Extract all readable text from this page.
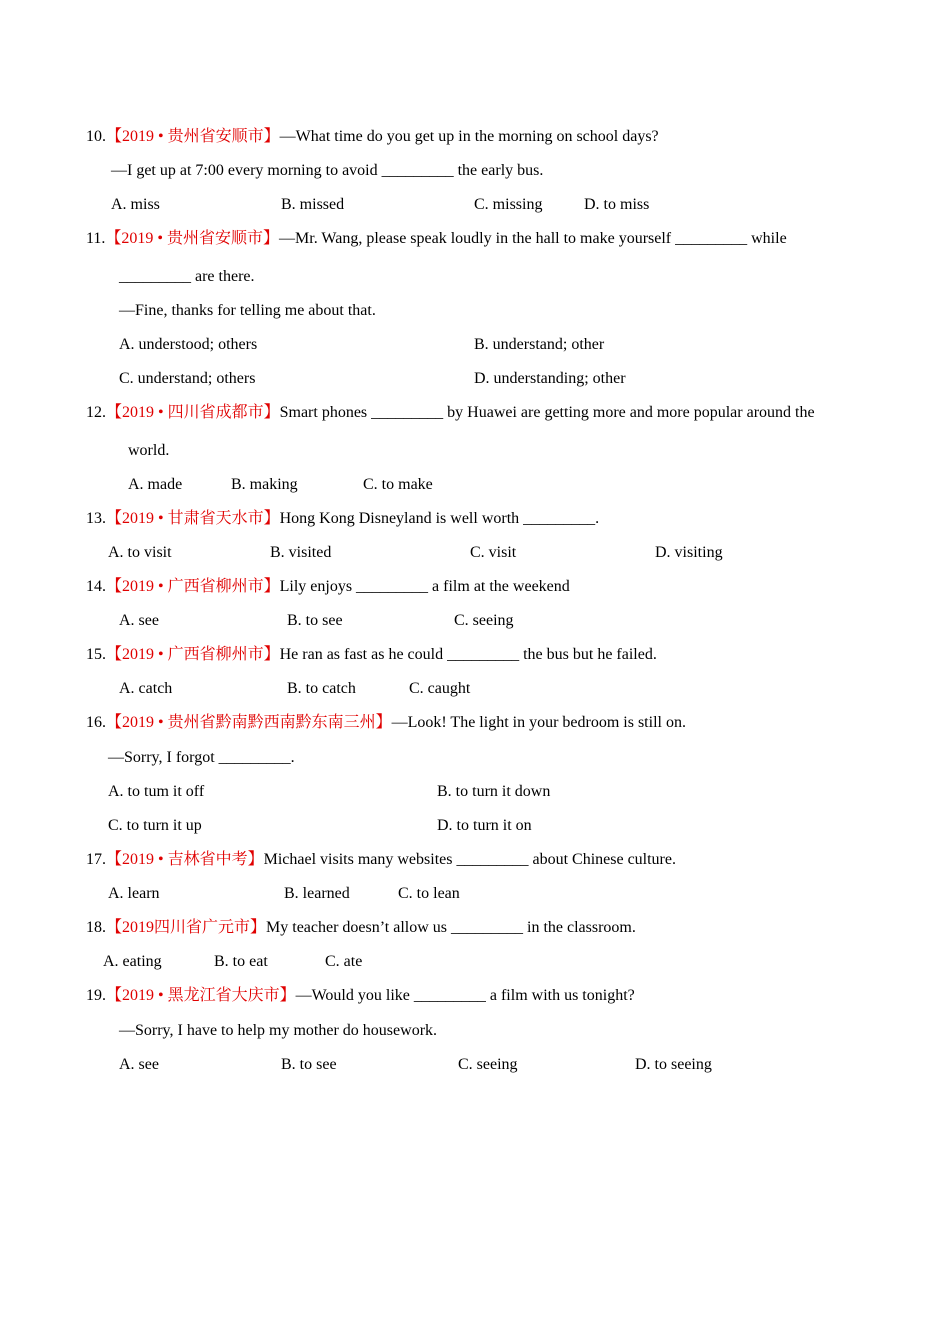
10.【2019 • 贵州省安顺市】—What time do you get up in the morning on school days?
—I get up at 7:00 every morning to avoid _________ the early bus.
A. miss	B. missed	C. missing	D. to miss
11.【2019 • 贵州省安顺市】—Mr. Wang, please speak loudly in the hall to make yourself _________ while
_________ are there.
—Fine, thanks for telling me about that.
A. understood; others	B. understand; other
C. understand; others	D. understanding; other
12.【2019 • 四川省成都市】Smart phones _________ by Huawei are getting more and more popular around the
world.
A. made	B. making	C. to make
13.【2019 • 甘肃省天水市】Hong Kong Disneyland is well worth _________.
A. to visit	B. visited	C. visit	D. visiting
14.【2019 • 广西省柳州市】Lily enjoys _________ a film at the weekend
A. see	B. to see	C. seeing
15.【2019 • 广西省柳州市】He ran as fast as he could _________ the bus but he failed.
A. catch	B. to catch	C. caught
16.【2019 • 贵州省黔南黔西南黔东南三州】—Look! The light in your bedroom is still on.
—Sorry, I forgot _________.
A. to tum it off	B. to turn it down
C. to turn it up	D. to turn it on
17.【2019 • 吉林省中考】Michael visits many websites _________ about Chinese culture.
A. learn	B. learned	C. to lean
18.【2019四川省广元市】My teacher doesn’t allow us _________ in the classroom.
A. eating	B. to eat	C. ate
19.【2019 • 黑龙江省大庆市】—Would you like _________ a film with us tonight?
—Sorry, I have to help my mother do housework.
A. see	B. to see	C. seeing	D. to seeing
